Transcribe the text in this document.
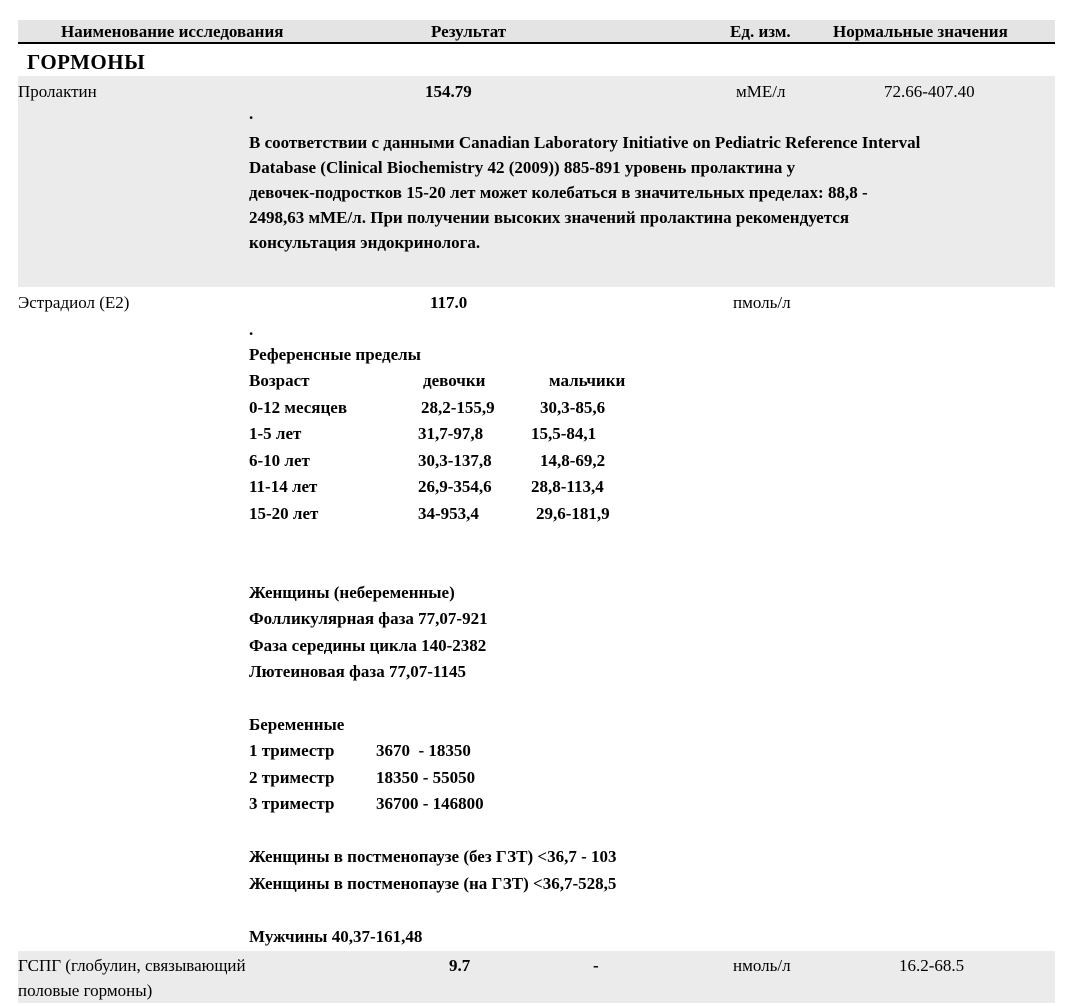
Наименование исследования	Результат	Ед. изм. Нормальные значения
ГОРМОНЫ
Пролактин	154.79	мМЕ/л	72.66-407.40
.
В соответствии с данными Canadian Laboratory Initiative on Pediatric Reference Interval
Database (Clinical Biochemistry 42 (2009)) 885-891 уровень пролактина у
девочек-подростков 15-20 лет может колебаться в значительных пределах: 88,8 -
2498,63 мМЕ/л. При получении высоких значений пролактина рекомендуется
консультация эндокринолога.
Эстрадиол (E2)	117.0	пмоль/л
.
Референсные пределы
Возраст	девочки	мальчики
0-12 месяцев	28,2-155,9	30,3-85,6
1-5 лет	31,7-97,8	15,5-84,1
6-10 лет	30,3-137,8	14,8-69,2
11-14 лет	26,9-354,6 28,8-113,4
15-20 лет	34-953,4	29,6-181,9
Женщины (небеременные)
Фолликулярная фаза 77,07-921
Фаза середины цикла 140-2382
Лютеиновая фаза 77,07-1145
Беременные
1 триместр 3670  - 18350
2 триместр 18350 - 55050
3 триместр 36700 - 146800
Женщины в постменопаузе (без ГЗТ) <36,7 - 103
Женщины в постменопаузе (на ГЗТ) <36,7-528,5
Мужчины 40,37-161,48
ГСПГ (глобулин, связывающий
половые гормоны)
9.7	-	нмоль/л	16.2-68.5
